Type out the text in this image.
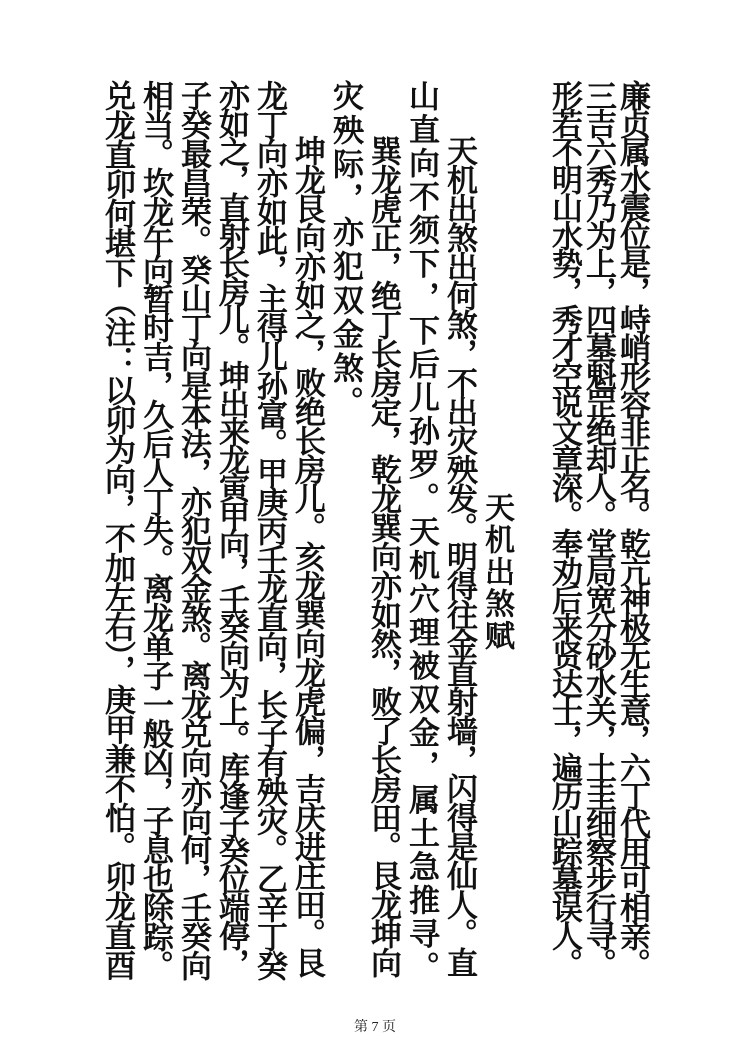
廉贞属水震位是，峙峭形容非正名。乾亢神极无生意，六丁代用可相亲。
三吉六秀乃为上，四墓魁罡绝却人。堂局宽分砂水关，土圭细察步行寻。
形若不明山水势，秀才空说文章深。奉劝后来贤达士，遍历山踪墓误人。
天机出煞赋
天机出煞出何煞，不出灾殃发。明得往金直射墙，闪得是仙人。直
山直向不须下，下后儿孙罗。天机穴理被双金，属土急推寻。
巽龙虎正，绝丁长房定，乾龙巽向亦如然，败了长房田。艮龙坤向
灾殃际，亦犯双金煞。
坤龙艮向亦如之，败绝长房儿。亥龙巽向龙虎偏，吉庆进庄田。艮
龙丁向亦如此，主得儿孙富。甲庚丙壬龙直向，长子有殃灾。乙辛丁癸
亦如之，直射长房儿。坤出来龙寅甲向，壬癸向为上。库逢子癸位端停，
子癸最昌荣。癸山丁向是本法，亦犯双金煞。离龙兑向亦向何，壬癸向
相当。坎龙午向暂时吉，久后人丁失。离龙单子一般凶，子息也除踪。
兑龙直卯何堪下（注：以卯为向，不加左右），庚甲兼不怕。卯龙直酉
第 7 页
